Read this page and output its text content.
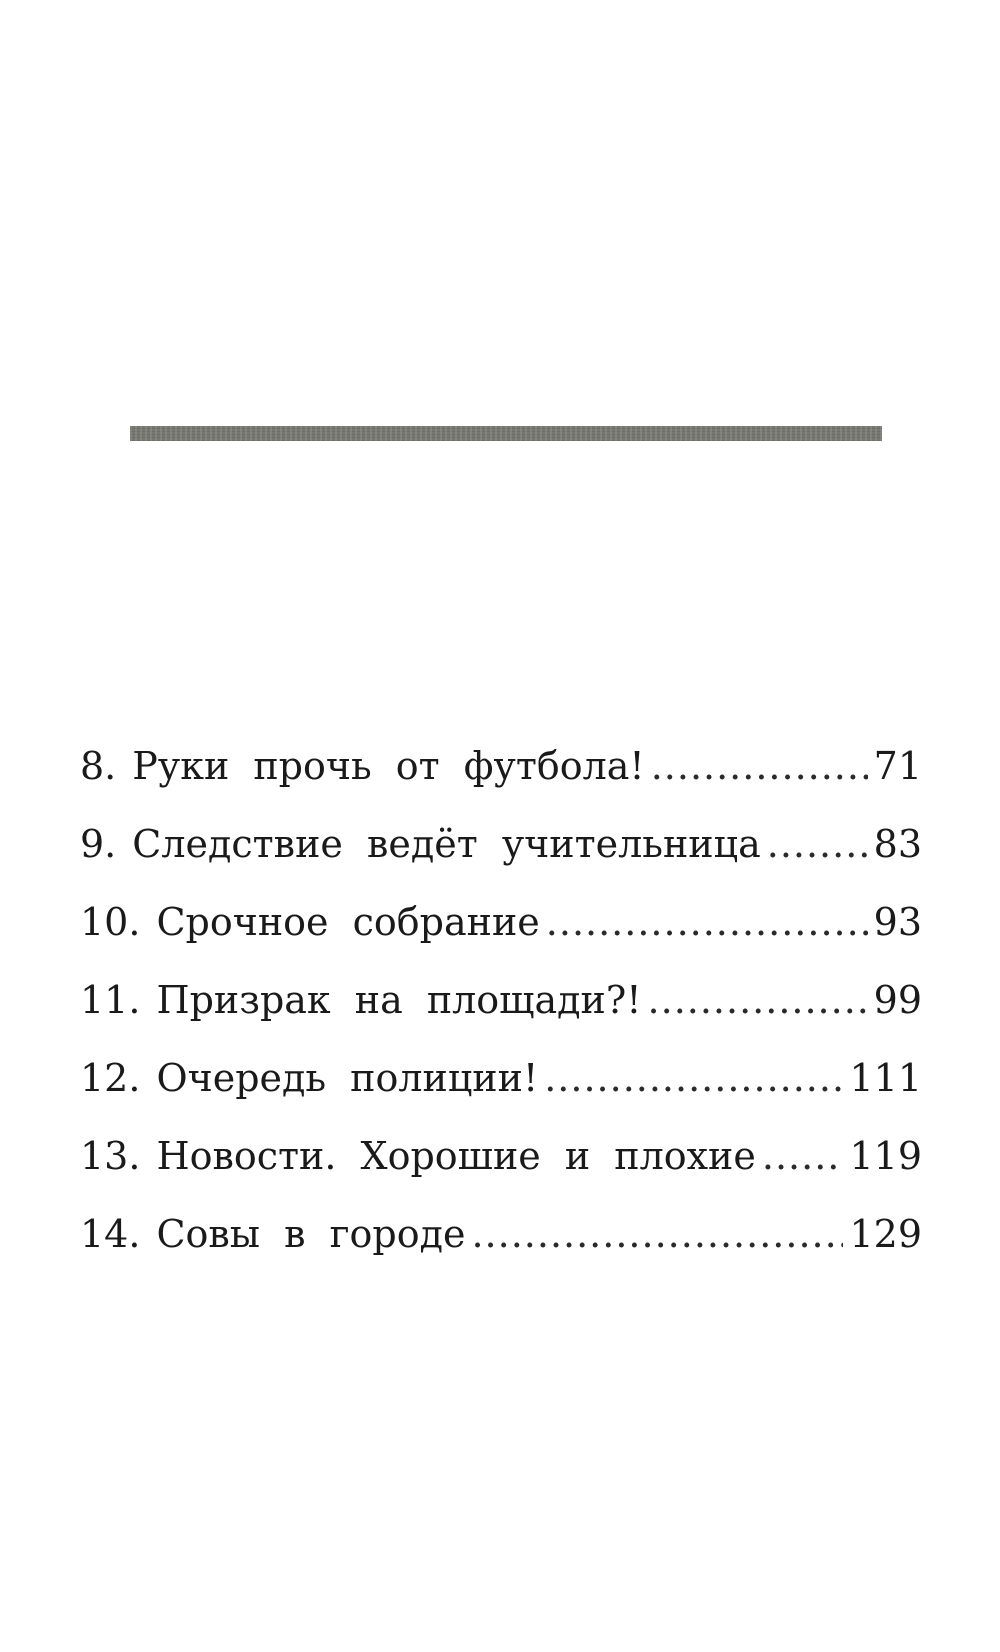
8. Руки прочь от футбола! .....	71
9. Следствие ведёт учительница .....	83
10. Срочное собрание .....	93
11. Призрак на площади?! .....	99
12. Очередь полиции! .....	111
13. Новости. Хорошие и плохие ..... 119
14. Совы в городе .....	129
